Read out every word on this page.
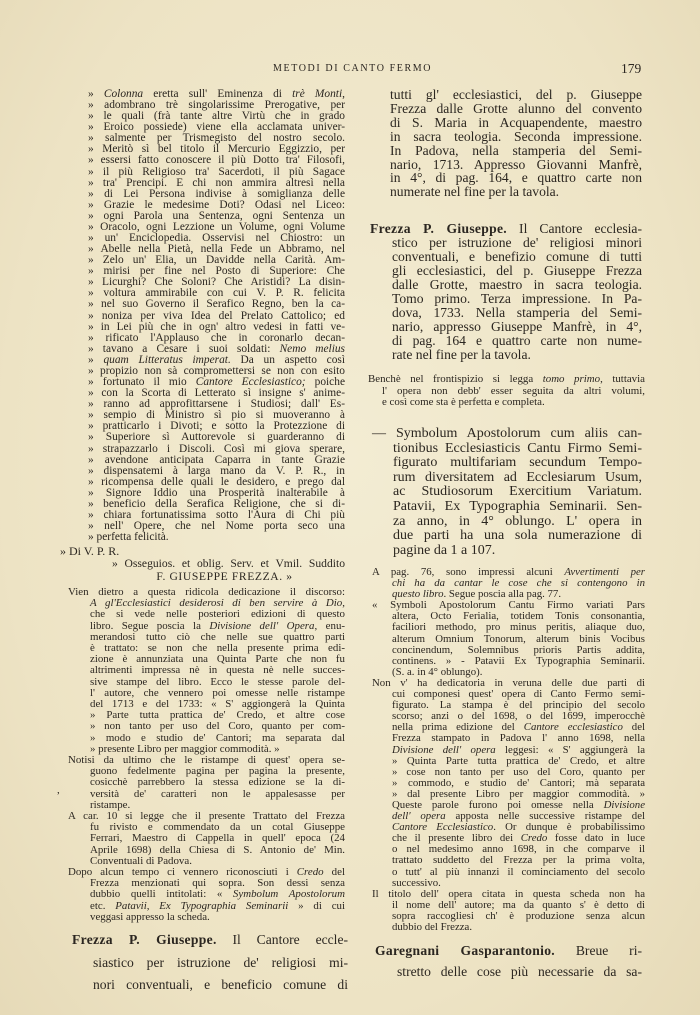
METODI DI CANTO FERMO	179
,
» Colonna eretta sull' Eminenza di trè Monti,
» adombrano trè singolarissime Prerogative, per
» le quali (frà tante altre Virtù che in grado
» Eroico possiede) viene ella acclamata univer-
» salmente per Trismegisto del nostro secolo.
» Meritò sì bel titolo il Mercurio Eggizzio, per
» essersi fatto conoscere il più Dotto tra' Filosofi,
» il più Religioso tra' Sacerdoti, il più Sagace
» tra' Prencipi. E chi non ammira altresì nella
» di Lei Persona indivise à somiglianza delle
» Grazie le medesime Doti? Odasi nel Liceo:
» ogni Parola una Sentenza, ogni Sentenza un
» Oracolo, ogni Lezzione un Volume, ogni Volume
» un' Enciclopedia. Osservisi nel Chiostro: un
» Abelle nella Pietà, nella Fede un Abbramo, nel
» Zelo un' Elia, un Davidde nella Carità. Am-
» mirisi per fine nel Posto di Superiore: Che
» Licurghi? Che Soloni? Che Aristidi? La disin-
» voltura ammirabile con cui V. P. R. felicita
» nel suo Governo il Serafico Regno, ben la ca-
» noniza per viva Idea del Prelato Cattolico; ed
» in Lei più che in ogn' altro vedesi in fatti ve-
» rificato l'Applauso che in coronarlo decan-
» tavano a Cesare i suoi soldati: Nemo melius
» quam Litteratus imperat. Da un aspetto così
» propizio non sà compromettersi se non con esito
» fortunato il mio Cantore Ecclesiastico; poiche
» con la Scorta di Letterato sì insigne s' anime-
» ranno ad approfittarsene i Studiosi; dall' Es-
» sempio di Ministro sì pio si muoveranno à
» pratticarlo i Divoti; e sotto la Protezzione di
» Superiore sì Auttorevole si guarderanno di
» strapazzarlo i Discoli. Così mi giova sperare,
» avendone anticipata Caparra in tante Grazie
» dispensatemi à larga mano da V. P. R., in
» ricompensa delle quali le desidero, e prego dal
» Signore Iddio una Prosperità inalterabile à
» beneficio della Serafica Religione, che si di-
» chiara fortunatissima sotto l'Aura di Chi più
» nell' Opere, che nel Nome porta seco una
» perfetta felicità.
» Di V. P. R.
» Osseguios. et oblig. Serv. et Vmil. Suddito
F. GIUSEPPE FREZZA. »
Vien dietro a questa ridicola dedicazione il discorso:
A gl'Ecclesiastici desiderosi di ben servire à Dio,
che si vede nelle posteriori edizioni di questo
libro. Segue poscia la Divisione dell' Opera, enu-
merandosi tutto ciò che nelle sue quattro parti
è trattato: se non che nella presente prima edi-
zione è annunziata una Quinta Parte che non fu
altrimenti impressa nè in questa nè nelle succes-
sive stampe del libro. Ecco le stesse parole del-
l' autore, che vennero poi omesse nelle ristampe
del 1713 e del 1733: « S' aggiongerà la Quinta
» Parte tutta prattica de' Credo, et altre cose
» non tanto per uso del Coro, quanto per com-
» modo e studio de' Cantori; ma separata dal
» presente Libro per maggior commodità. »
Notisi da ultimo che le ristampe di quest' opera se-
guono fedelmente pagina per pagina la presente,
cosicchè parrebbero la stessa edizione se la di-
versità de' caratteri non le appalesasse per
ristampe.
A car. 10 si legge che il presente Trattato del Frezza
fu rivisto e commendato da un cotal Giuseppe
Ferrari, Maestro di Cappella in quell' epoca (24
Aprile 1698) della Chiesa di S. Antonio de' Min.
Conventuali di Padova.
Dopo alcun tempo ci vennero riconosciuti i Credo del
Frezza menzionati qui sopra. Son dessi senza
dubbio quelli intitolati: « Symbolum Apostolorum
etc. Patavii, Ex Typographia Seminarii » di cui
veggasi appresso la scheda.
Frezza P. Giuseppe. Il Cantore eccle-
siastico per istruzione de' religiosi mi-
nori conventuali, e beneficio comune di
tutti gl' ecclesiastici, del p. Giuseppe
Frezza dalle Grotte alunno del convento
di S. Maria in Acquapendente, maestro
in sacra teologia. Seconda impressione.
In Padova, nella stamperia del Semi-
nario, 1713. Appresso Giovanni Manfrè,
in 4°, di pag. 164, e quattro carte non
numerate nel fine per la tavola.
Frezza P. Giuseppe. Il Cantore ecclesia-
stico per istruzione de' religiosi minori
conventuali, e benefizio comune di tutti
gli ecclesiastici, del p. Giuseppe Frezza
dalle Grotte, maestro in sacra teologia.
Tomo primo. Terza impressione. In Pa-
dova, 1733. Nella stamperia del Semi-
nario, appresso Giuseppe Manfrè, in 4°,
di pag. 164 e quattro carte non nume-
rate nel fine per la tavola.
Benchè nel frontispizio si legga tomo primo, tuttavia
l' opera non debb' esser seguita da altri volumi,
e così come sta è perfetta e completa.
— Symbolum Apostolorum cum aliis can-
tionibus Ecclesiasticis Cantu Firmo Semi-
figurato multifariam secundum Tempo-
rum diversitatem ad Ecclesiarum Usum,
ac Studiosorum Exercitium Variatum.
Patavii, Ex Typographia Seminarii. Sen-
za anno, in 4° oblungo. L' opera in
due parti ha una sola numerazione di
pagine da 1 a 107.
A pag. 76, sono impressi alcuni Avvertimenti per
chi ha da cantar le cose che si contengono in
questo libro. Segue poscia alla pag. 77.
« Symboli Apostolorum Cantu Firmo variati Pars
altera, Octo Ferialia, totidem Tonis consonantia,
faciliori methodo, pro minus peritis, aliaque duo,
alterum Omnium Tonorum, alterum binis Vocibus
concinendum, Solemnibus prioris Partis addita,
continens. » - Patavii Ex Typographia Seminarii.
(S. a. in 4° oblungo).
Non v' ha dedicatoria in veruna delle due parti di
cui componesi quest' opera di Canto Fermo semi-
figurato. La stampa è del principio del secolo
scorso; anzi o del 1698, o del 1699, imperocchè
nella prima edizione del Cantore ecclesiastico del
Frezza stampato in Padova l' anno 1698, nella
Divisione dell' opera leggesi: « S' aggiungerà la
» Quinta Parte tutta prattica de' Credo, et altre
» cose non tanto per uso del Coro, quanto per
» commodo, e studio de' Cantori; mà separata
» dal presente Libro per maggior commodità. »
Queste parole furono poi omesse nella Divisione
dell' opera apposta nelle successive ristampe del
Cantore Ecclesiastico. Or dunque è probabilissimo
che il presente libro dei Credo fosse dato in luce
o nel medesimo anno 1698, in che comparve il
trattato suddetto del Frezza per la prima volta,
o tutt' al più innanzi il cominciamento del secolo
successivo.
Il titolo dell' opera citata in questa scheda non ha
il nome dell' autore; ma da quanto s' è detto di
sopra raccogliesi ch' è produzione senza alcun
dubbio del Frezza.
Garegnani Gasparantonio. Breue ri-
stretto delle cose più necessarie da sa-
